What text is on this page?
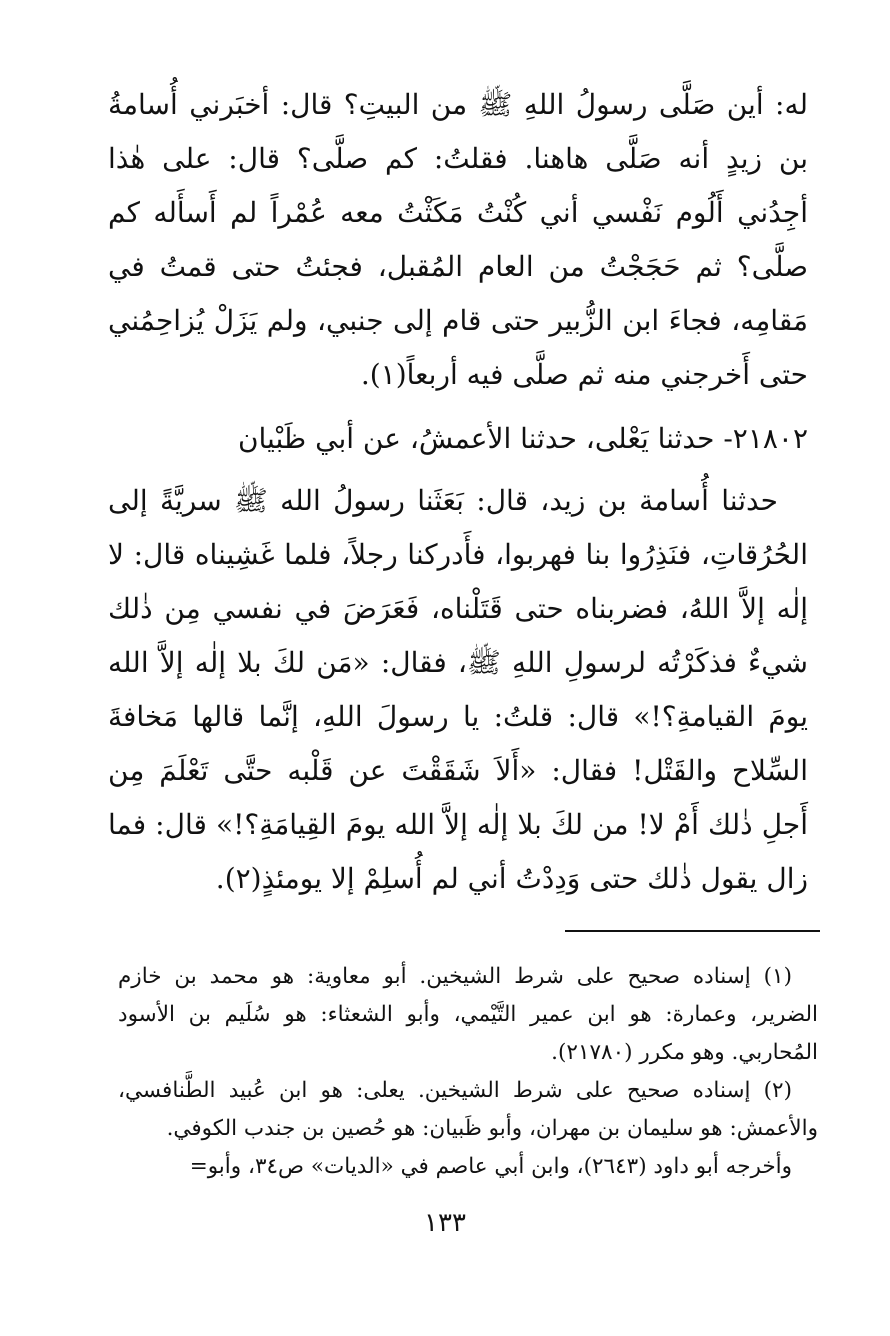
له: أين صَلَّى رسولُ اللهِ ﷺ من البيتِ؟ قال: أخبَرني أُسامةُ بن زيدٍ أنه صَلَّى هاهنا. فقلتُ: كم صلَّى؟ قال: على هٰذا أجِدُني أَلُوم نَفْسي أني كُنْتُ مَكَثْتُ معه عُمْراً لم أَسأَله كم صلَّى؟ ثم حَجَجْتُ من العام المُقبل، فجئتُ حتى قمتُ في مَقامِه، فجاءَ ابن الزُّبير حتى قام إلى جنبي، ولم يَزَلْ يُزاحِمُني حتى أَخرجني منه ثم صلَّى فيه أربعاً(١).

٢١٨٠٢- حدثنا يَعْلى، حدثنا الأعمشُ، عن أبي ظَبْيان

حدثنا أُسامة بن زيد، قال: بَعَثَنا رسولُ الله ﷺ سريَّةً إلى الحُرُقاتِ، فنَذِرُوا بنا فهربوا، فأَدركنا رجلاً، فلما غَشِيناه قال: لا إلٰه إلاَّ اللهُ، فضربناه حتى قَتَلْناه، فَعَرَضَ في نفسي مِن ذٰلك شيءٌ فذكَرْتُه لرسولِ اللهِ ﷺ، فقال: «مَن لكَ بلا إلٰه إلاَّ الله يومَ القيامةِ؟!» قال: قلتُ: يا رسولَ اللهِ، إنَّما قالها مَخافةَ السِّلاح والقَتْل! فقال: «أَلاَ شَقَقْتَ عن قَلْبه حتَّى تَعْلَمَ مِن أَجلِ ذٰلك أَمْ لا! من لكَ بلا إلٰه إلاَّ الله يومَ القِيامَةِ؟!» قال: فما زال يقول ذٰلك حتى وَدِدْتُ أني لم أُسلِمْ إلا يومئذٍ(٢).

(١) إسناده صحيح على شرط الشيخين. أبو معاوية: هو محمد بن خازم الضرير، وعمارة: هو ابن عمير التَّيْمي، وأبو الشعثاء: هو سُلَيم بن الأسود المُحاربي. وهو مكرر (٢١٧٨٠).

(٢) إسناده صحيح على شرط الشيخين. يعلى: هو ابن عُبيد الطَّنافسي، والأعمش: هو سليمان بن مهران، وأبو ظَبيان: هو حُصين بن جندب الكوفي.

وأخرجه أبو داود (٢٦٤٣)، وابن أبي عاصم في «الديات» ص٣٤، وأبو=

١٣٣
